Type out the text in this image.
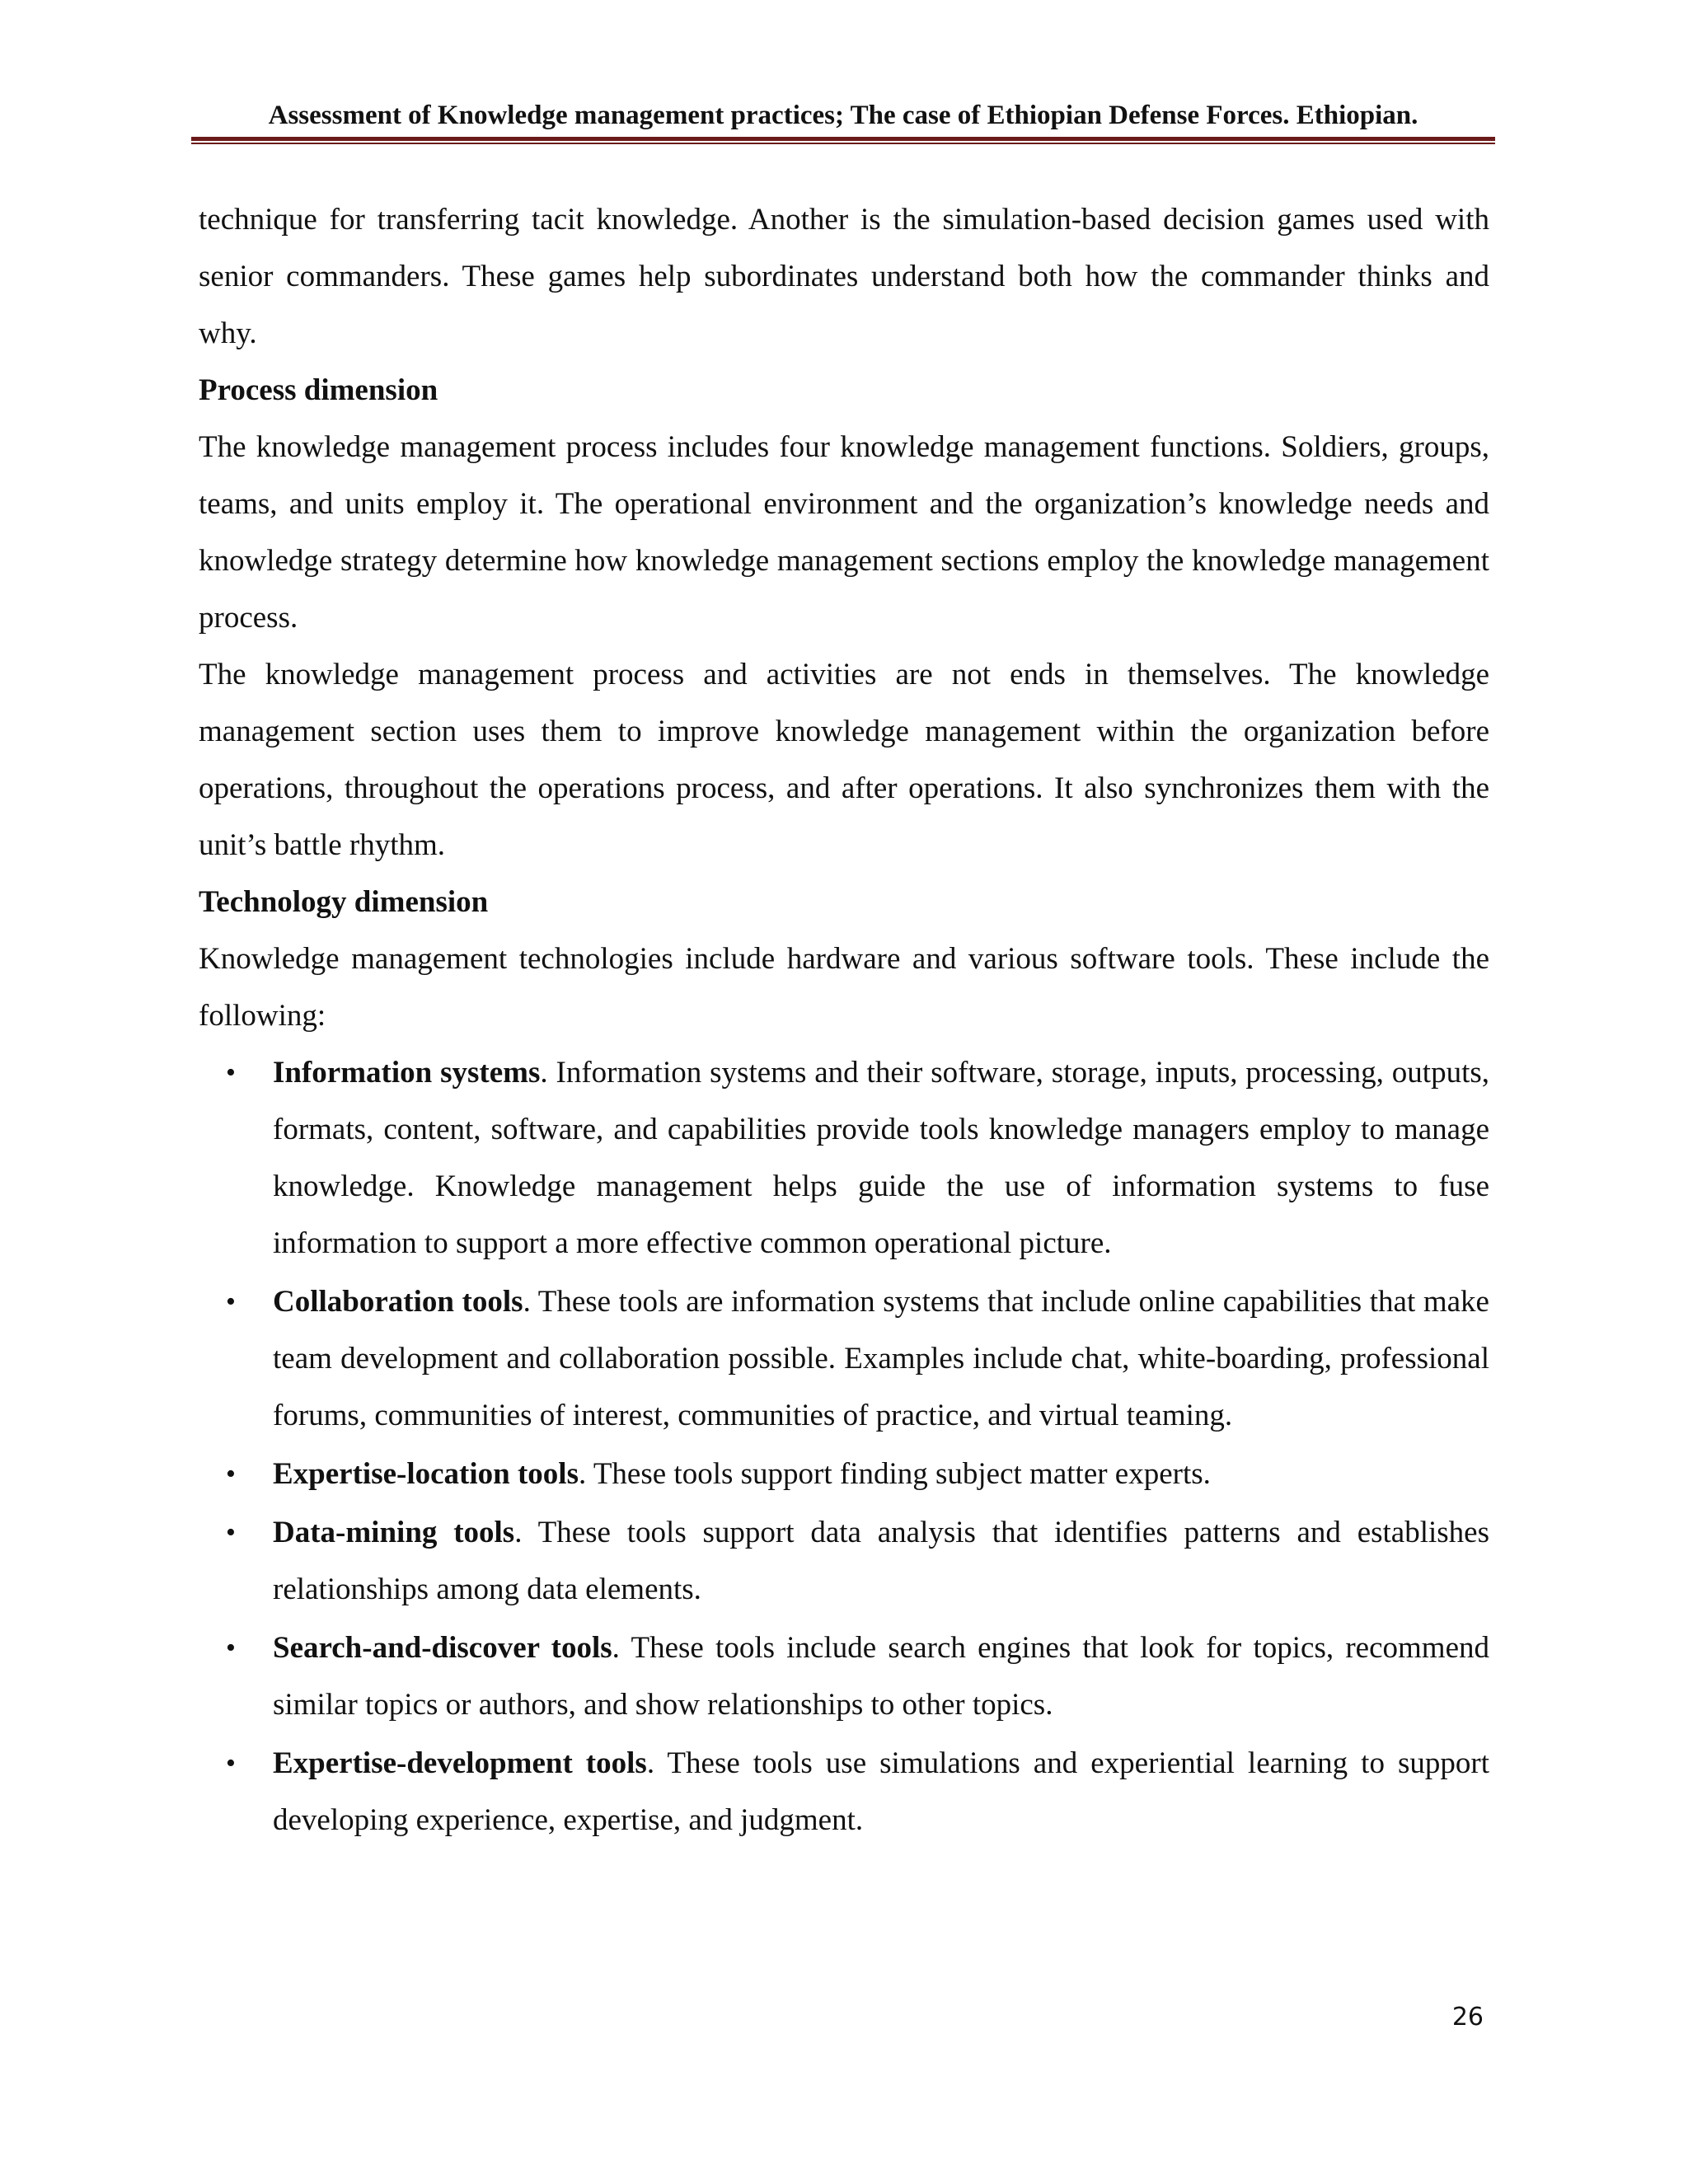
Assessment of Knowledge management practices; The case of Ethiopian Defense Forces. Ethiopian.

technique for transferring tacit knowledge. Another is the simulation-based decision games used with senior commanders. These games help subordinates understand both how the commander thinks and why.

Process dimension

The knowledge management process includes four knowledge management functions. Soldiers, groups, teams, and units employ it. The operational environment and the organization’s knowledge needs and knowledge strategy determine how knowledge management sections employ the knowledge management process.

The knowledge management process and activities are not ends in themselves. The knowledge management section uses them to improve knowledge management within the organization before operations, throughout the operations process, and after operations. It also synchronizes them with the unit’s battle rhythm.

Technology dimension

Knowledge management technologies include hardware and various software tools. These include the following:

• Information systems. Information systems and their software, storage, inputs, processing, outputs, formats, content, software, and capabilities provide tools knowledge managers employ to manage knowledge. Knowledge management helps guide the use of information systems to fuse information to support a more effective common operational picture.
• Collaboration tools. These tools are information systems that include online capabilities that make team development and collaboration possible. Examples include chat, white-boarding, professional forums, communities of interest, communities of practice, and virtual teaming.
• Expertise-location tools. These tools support finding subject matter experts.
• Data-mining tools. These tools support data analysis that identifies patterns and establishes relationships among data elements.
• Search-and-discover tools. These tools include search engines that look for topics, recommend similar topics or authors, and show relationships to other topics.
• Expertise-development tools. These tools use simulations and experiential learning to support developing experience, expertise, and judgment.
26
